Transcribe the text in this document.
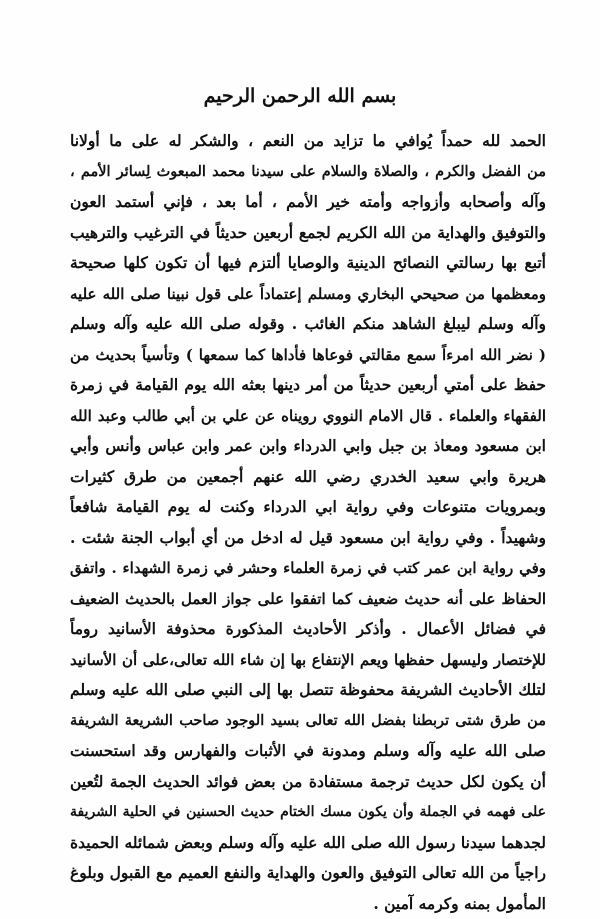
بسم الله الرحمن الرحيم
الحمد لله حمداً يُوافي ما تزايد من النعم ، والشكر له على ما أولانا
من الفضل والكرم ، والصلاة والسلام على سيدنا محمد المبعوث لِسائر الأمم ،
وآله وأصحابه وأزواجه وأمته خير الأمم ، أما بعد ، فإني أستمد العون
والتوفيق والهداية من الله الكريم لجمع أربعين حديثاً في الترغيب والترهيب
أتبع بها رسالتي النصائح الدينية والوصايا ألتزم فيها أن تكون كلها صحيحة
ومعظمها من صحيحي البخاري ومسلم إعتماداً على قول نبينا صلى الله عليه
وآله وسلم ليبلغ الشاهد منكم الغائب . وقوله صلى الله عليه وآله وسلم
( نضر الله امرءاً سمع مقالتي فوعاها فأداها كما سمعها ) وتأسياً بحديث من
حفظ على أمتي أربعين حديثاً من أمر دينها بعثه الله يوم القيامة في زمرة
الفقهاء والعلماء . قال الامام النووي رويناه عن علي بن أبي طالب وعبد الله
ابن مسعود ومعاذ بن جبل وابي الدرداء وابن عمر وابن عباس وأنس وأبي
هريرة وابي سعيد الخدري رضي الله عنهم أجمعين من طرق كثيرات
وبمرويات متنوعات وفي رواية ابي الدرداء وكنت له يوم القيامة شافعاً
وشهيداً . وفي رواية ابن مسعود قيل له ادخل من أي أبواب الجنة شئت .
وفي رواية ابن عمر كتب في زمرة العلماء وحشر في زمرة الشهداء . واتفق
الحفاظ على أنه حديث ضعيف كما اتفقوا على جواز العمل بالحديث الضعيف
في فضائل الأعمال . وأذكر الأحاديث المذكورة محذوفة الأسانيد روماً
للإختصار وليسهل حفظها ويعم الإنتفاع بها إن شاء الله تعالى،على أن الأسانيد
لتلك الأحاديث الشريفة محفوظة تتصل بها إلى النبي صلى الله عليه وسلم
من طرق شتى تربطنا بفضل الله تعالى بسيد الوجود صاحب الشريعة الشريفة
صلى الله عليه وآله وسلم ومدونة في الأثبات والفهارس وقد استحسنت
أن يكون لكل حديث ترجمة مستفادة من بعض فوائد الحديث الجمة لتُعين
على فهمه في الجملة وأن يكون مسك الختام حديث الحسنين في الحلية الشريفة
لجدهما سيدنا رسول الله صلى الله عليه وآله وسلم وبعض شمائله الحميدة
راجياً من الله تعالى التوفيق والعون والهداية والنفع العميم مع القبول وبلوغ
المأمول بمنه وكرمه آمين .
